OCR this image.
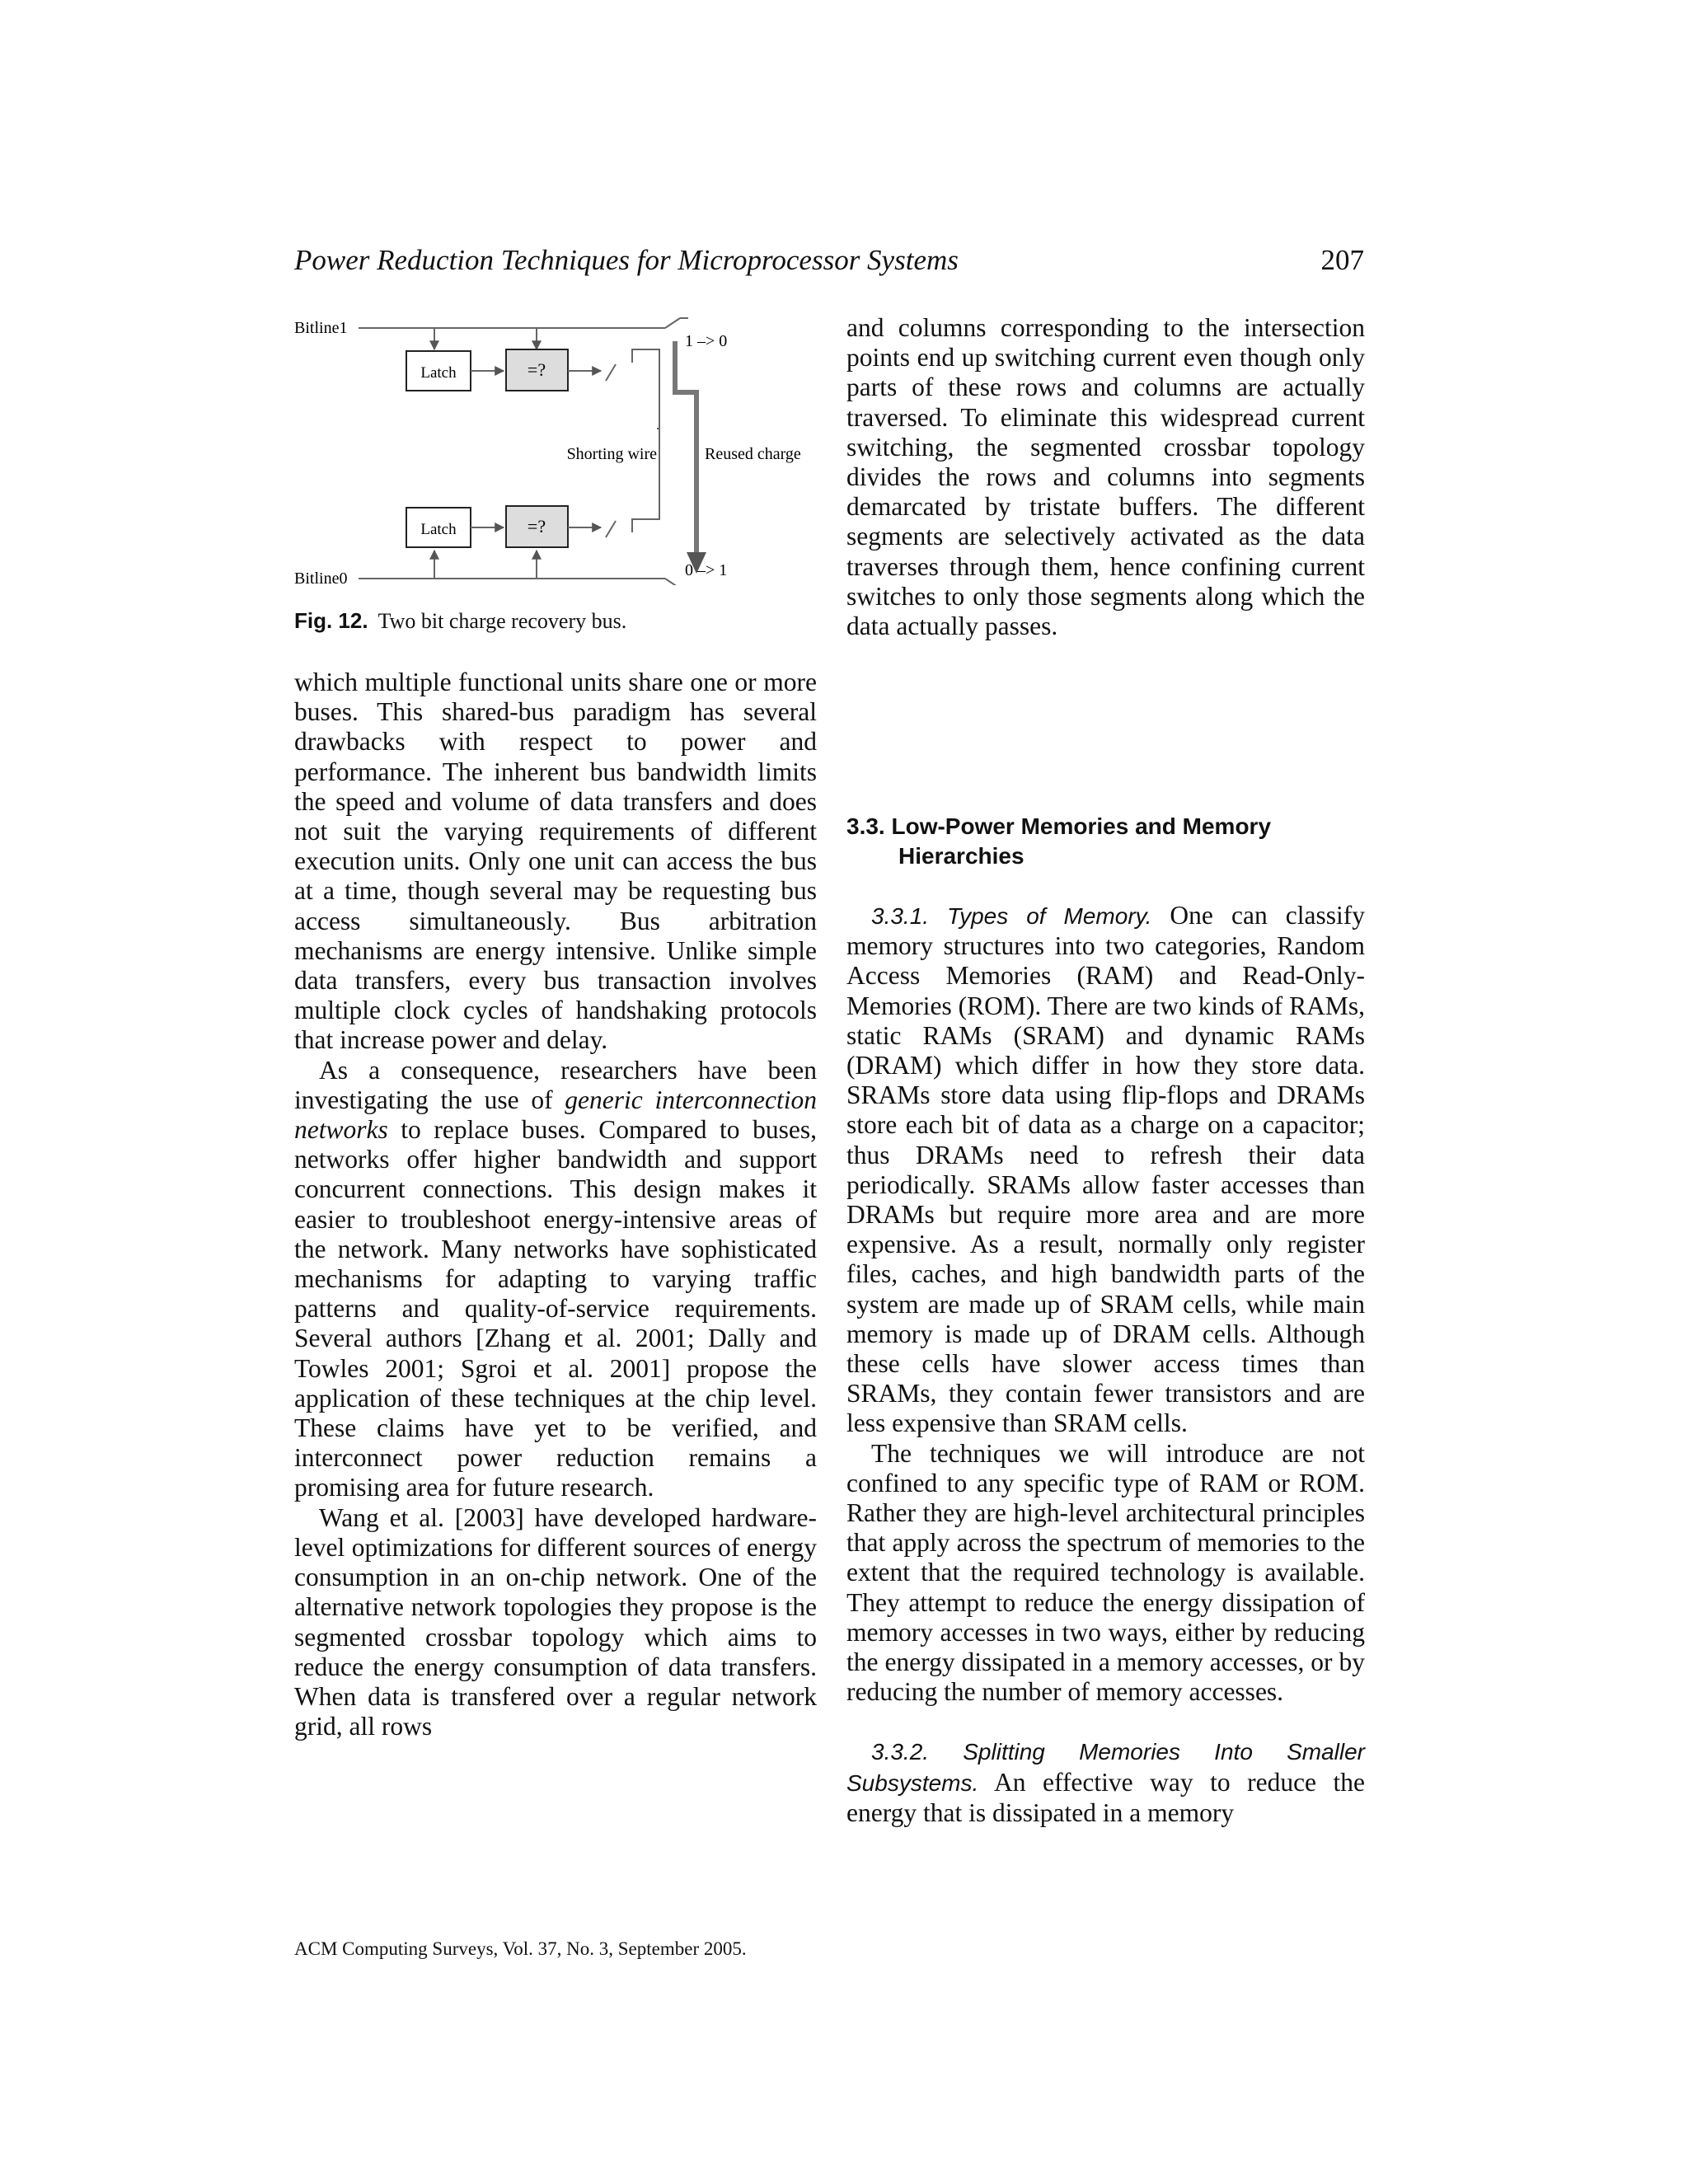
Power Reduction Techniques for Microprocessor Systems	207
Bitline1
Bitline0
Latch	=?
Latch	=?
Shorting wire	Reused charge
1 –> 0
0 –> 1
Fig. 12. Two bit charge recovery bus.

which multiple functional units share one or more buses. This shared-bus paradigm has several drawbacks with respect to power and performance. The inherent bus bandwidth limits the speed and volume of data transfers and does not suit the varying requirements of different execution units. Only one unit can access the bus at a time, though several may be requesting bus access simultaneously. Bus arbitration mechanisms are energy intensive. Unlike simple data transfers, every bus transaction involves multiple clock cycles of handshaking protocols that increase power and delay.

As a consequence, researchers have been investigating the use of generic interconnection networks to replace buses. Compared to buses, networks offer higher bandwidth and support concurrent connections. This design makes it easier to troubleshoot energy-intensive areas of the network. Many networks have sophisticated mechanisms for adapting to varying traffic patterns and quality-of-service requirements. Several authors [Zhang et al. 2001; Dally and Towles 2001; Sgroi et al. 2001] propose the application of these techniques at the chip level. These claims have yet to be verified, and interconnect power reduction remains a promising area for future research.

Wang et al. [2003] have developed hardware-level optimizations for different sources of energy consumption in an on-chip network. One of the alternative network topologies they propose is the segmented crossbar topology which aims to reduce the energy consumption of data transfers. When data is transfered over a regular network grid, all rows

and columns corresponding to the intersection points end up switching current even though only parts of these rows and columns are actually traversed. To eliminate this widespread current switching, the segmented crossbar topology divides the rows and columns into segments demarcated by tristate buffers. The different segments are selectively activated as the data traverses through them, hence confining current switches to only those segments along which the data actually passes.

3.3. Low-Power Memories and Memory Hierarchies

3.3.1. Types of Memory. One can classify memory structures into two categories, Random Access Memories (RAM) and Read-Only-Memories (ROM). There are two kinds of RAMs, static RAMs (SRAM) and dynamic RAMs (DRAM) which differ in how they store data. SRAMs store data using flip-flops and DRAMs store each bit of data as a charge on a capacitor; thus DRAMs need to refresh their data periodically. SRAMs allow faster accesses than DRAMs but require more area and are more expensive. As a result, normally only register files, caches, and high bandwidth parts of the system are made up of SRAM cells, while main memory is made up of DRAM cells. Although these cells have slower access times than SRAMs, they contain fewer transistors and are less expensive than SRAM cells.

The techniques we will introduce are not confined to any specific type of RAM or ROM. Rather they are high-level architectural principles that apply across the spectrum of memories to the extent that the required technology is available. They attempt to reduce the energy dissipation of memory accesses in two ways, either by reducing the energy dissipated in a memory accesses, or by reducing the number of memory accesses.

3.3.2. Splitting Memories Into Smaller Subsystems. An effective way to reduce the energy that is dissipated in a memory

ACM Computing Surveys, Vol. 37, No. 3, September 2005.
